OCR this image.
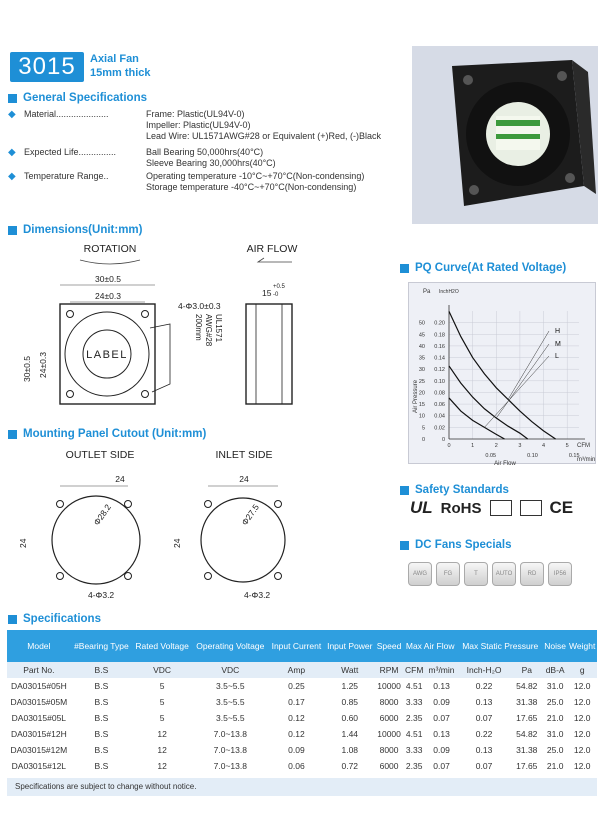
3015	Axial Fan
15mm thick
General Specifications
◆ Material.....................	Frame: Plastic(UL94V-0)
Impeller: Plastic(UL94V-0)
Lead Wire: UL1571AWG#28 or Equivalent (+)Red, (-)Black
◆ Expected Life...............	Ball Bearing 50,000hrs(40°C)
Sleeve Bearing 30,000hrs(40°C)
◆ Temperature Range..	Operating temperature -10°C~+70°C(Non-condensing)
Storage temperature -40°C~+70°C(Non-condensing)
Dimensions(Unit:mm)
ROTATION	AIR FLOW
30±0.5
24±0.3
LABEL
4-Φ3.0±0.3
UL1571
AWG#28
200mm
30±0.5 24±0.3
15
+0.5
-0
Mounting Panel Cutout (Unit:mm)
OUTLET SIDE	INLET SIDE
24
Φ28.2
24
4-Φ3.2
24
Φ27.5
24
4-Φ3.2
PQ Curve(At Rated Voltage)
Pa InchH2O
CFM
m³/min
50
45
40
35
30
25
20
15
10
5
0
0.20
0.18
0.16
0.14
0.12
0.10
0.08
0.06
0.04
0.02
0
0	1	2	3	4	5
0.05	0.10	0.15
Air Pressure
Air Flow
H
M
L
Safety Standards
UL RoHS	CE
DC Fans Specials
AWG	FG	T	AUTO	RD	IP56
Specifications
Model	#Bearing Type	Rated Voltage	Operating Voltage	Input Current	Input Power	Speed	Max Air Flow		Max Static Pressure		Noise	Weight
Part No.	B.S	VDC	VDC	Amp	Watt	RPM	CFM	m³/min	Inch-H₂O	Pa	dB-A	g
DA03015#05H	B.S	5	3.5~5.5	0.25	1.25	10000	4.51	0.13	0.22	54.82	31.0	12.0
DA03015#05M	B.S	5	3.5~5.5	0.17	0.85	8000	3.33	0.09	0.13	31.38	25.0	12.0
DA03015#05L	B.S	5	3.5~5.5	0.12	0.60	6000	2.35	0.07	0.07	17.65	21.0	12.0
DA03015#12H	B.S	12	7.0~13.8	0.12	1.44	10000	4.51	0.13	0.22	54.82	31.0	12.0
DA03015#12M	B.S	12	7.0~13.8	0.09	1.08	8000	3.33	0.09	0.13	31.38	25.0	12.0
DA03015#12L	B.S	12	7.0~13.8	0.06	0.72	6000	2.35	0.07	0.07	17.65	21.0	12.0
Specifications are subject to change without notice.
